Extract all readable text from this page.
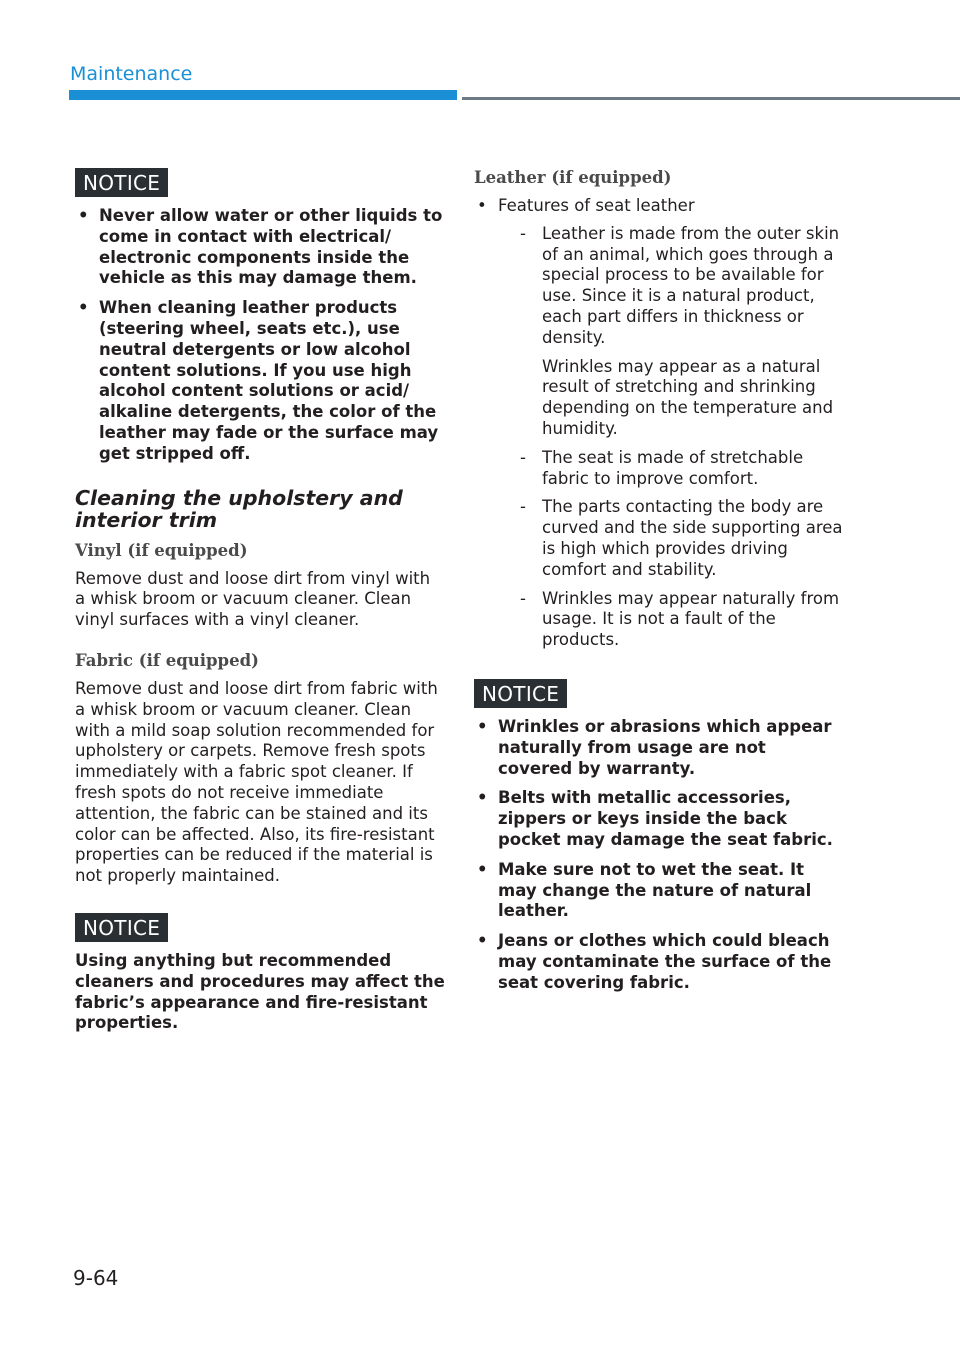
Maintenance
NOTICE
• Never allow water or other liquids to come in contact with electrical/ electronic components inside the vehicle as this may damage them.
• When cleaning leather products (steering wheel, seats etc.), use neutral detergents or low alcohol content solutions. If you use high alcohol content solutions or acid/ alkaline detergents, the color of the leather may fade or the surface may get stripped off.
Cleaning the upholstery and interior trim
Vinyl (if equipped)

Remove dust and loose dirt from vinyl with a whisk broom or vacuum cleaner. Clean vinyl surfaces with a vinyl cleaner.

Fabric (if equipped)

Remove dust and loose dirt from fabric with a whisk broom or vacuum cleaner. Clean with a mild soap solution recommended for upholstery or carpets. Remove fresh spots immediately with a fabric spot cleaner. If fresh spots do not receive immediate attention, the fabric can be stained and its color can be affected. Also, its fire-resistant properties can be reduced if the material is not properly maintained.

NOTICE

Using anything but recommended cleaners and procedures may affect the fabric’s appearance and fire-resistant properties.

Leather (if equipped)
• Features of seat leather
- Leather is made from the outer skin of an animal, which goes through a special process to be available for use. Since it is a natural product, each part differs in thickness or density.
Wrinkles may appear as a natural result of stretching and shrinking depending on the temperature and humidity.
- The seat is made of stretchable fabric to improve comfort.
- The parts contacting the body are curved and the side supporting area is high which provides driving comfort and stability.
- Wrinkles may appear naturally from usage. It is not a fault of the products.
NOTICE
• Wrinkles or abrasions which appear naturally from usage are not covered by warranty.
• Belts with metallic accessories, zippers or keys inside the back pocket may damage the seat fabric.
• Make sure not to wet the seat. It may change the nature of natural leather.
• Jeans or clothes which could bleach may contaminate the surface of the seat covering fabric.
9-64
